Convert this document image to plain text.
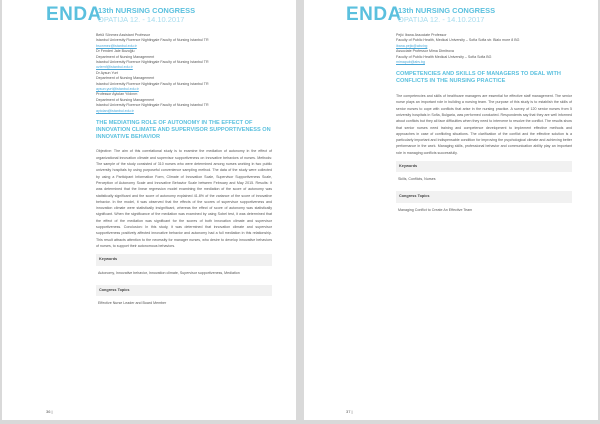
ENDA
13th NURSING CONGRESS
OPATIJA 12. - 14.10.2017
Betül Sönmez Assistant Professor
Istanbul University Florence Nightingale Faculty of Nursing Istanbul TR
bsonmez@istanbul.edu.tr
Dr Fenderi Jale Bozoğlu
Department of Nursing Management
Istanbul University Florence Nightingale Faculty of Nursing Istanbul TR
ozlemf@istanbul.edu.tr
Dr Aysun Yurt
Department of Nursing Management
Istanbul University Florence Nightingale Faculty of Nursing Istanbul TR
aysun.yurt@istanbul.edu.tr
Professor Aytolan Yıldırım
Department of Nursing Management
Istanbul University Florence Nightingale Faculty of Nursing Istanbul TR
aytolan@istanbul.edu.tr
THE MEDIATING ROLE OF AUTONOMY IN THE EFFECT OF INNOVATION CLIMATE AND SUPERVISOR SUPPORTIVENESS ON INNOVATIVE BEHAVIOR

Objective: The aim of this correlational study is to examine the mediation of autonomy in the effect of organizational innovation climate and supervisor supportiveness on innovative behaviors of nurses. Methods: The sample of the study consisted of 310 nurses who were determined among nurses working in two public university hospitals by using purposeful convenience sampling method. The data of the study were collected by using a Participant Information Form, Climate of Innovation Scale, Supervisor Supportiveness Scale, Perception of Autonomy Scale and Innovative Behavior Scale between February and May 2015. Results: It was determined that the linear regression model examining the mediation of the score of autonomy was statistically significant and the score of autonomy explained 41.8% of the variance of the score of innovative behavior. In the model, it was observed that the effects of the scores of supervisor supportiveness and innovation climate were statistically insignificant, whereas the effect of score of autonomy was statistically significant. When the significance of the mediation was examined by using Sobel test, it was determined that the effect of the mediation was significant for the scores of both innovation climate and supervisor supportiveness. Conclusion: In this study, it was determined that innovation climate and supervisor supportiveness positively affected innovative behavior and autonomy had a full mediation in this relationship. This result attracts attention to the necessity for manager nurses, who desire to develop innovative behaviors of nurses, to support their autonomous behaviors.

Keywords
Autonomy, Innovative behavior, Innovation climate, Supervisor supportiveness, Mediation
Congress Topics
Effective Nurse Leader and Board Member
36 |
ENDA
13th NURSING CONGRESS
OPATIJA 12. - 14.10.2017
Pejić Ibana Associate Professor
Faculty of Public Health, Medical University – Sofia Sofia str. Bialo more 8 BG
ibana.pejic@abv.bg
Associate Professor Mima Dimitrova
Faculty of Public Health Medical University – Sofia Sofia BG
mimapub@abv.bg
COMPETENCIES AND SKILLS OF MANAGERS TO DEAL WITH CONFLICTS IN THE NURSING PRACTICE

The competencies and skills of healthcare managers are essential for effective staff management. The senior nurse plays an important role in building a nursing team. The purpose of this study is to establish the skills of senior nurses to cope with conflicts that arise in the nursing practice. A survey of 120 senior nurses from 5 university hospitals in Sofia, Bulgaria, was performed conducted. Respondents say that they are well informed about conflicts but they all face difficulties when they need to intervene to resolve the conflict. The results show that senior nurses need training and competence development to implement effective methods and approaches in case of conflicting situations. The clarification of the conflict and the effective solution is a particularly important and indispensable condition for improving the psychological climate and achieving better performance in the work. Managing skills, professional behavior and communication ability play an important role in managing conflicts successfully.

Keywords
Skills, Conflicts, Nurses
Congress Topics
Managing Conflict to Create An Effective Team
37 |
